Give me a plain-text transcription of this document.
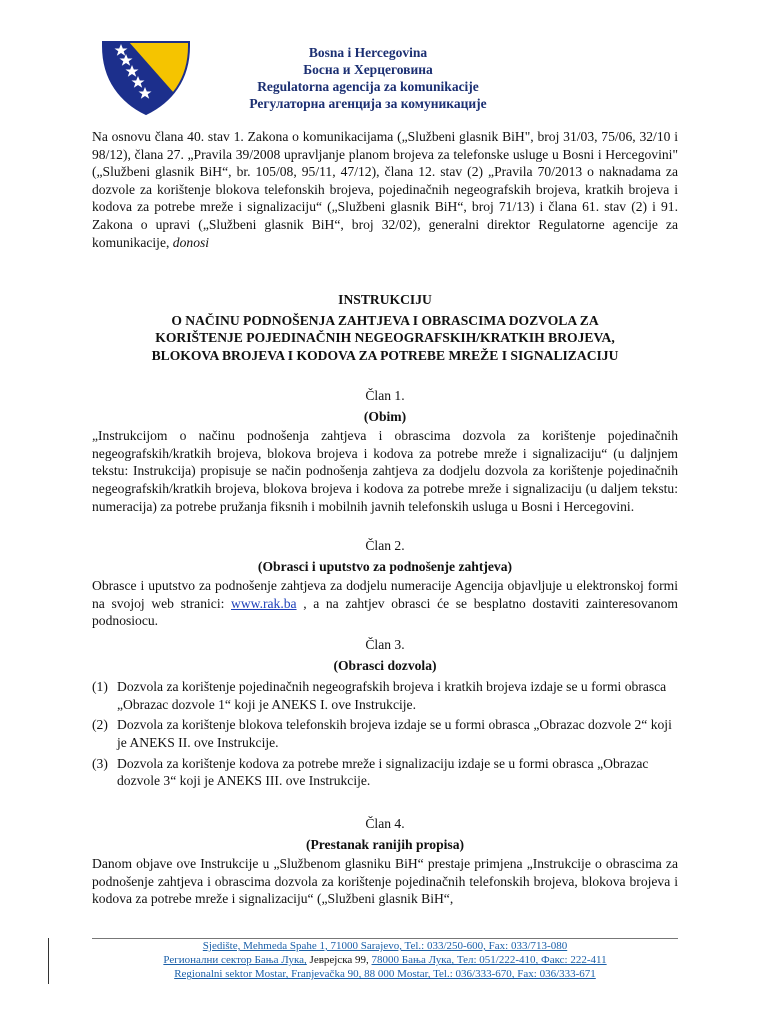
Bosna i Hercegovina
Босна и Херцеговина
Regulatorna agencija za komunikacije
Регулаторна агенција за комуникације
Na osnovu člana 40. stav 1. Zakona o komunikacijama („Službeni glasnik BiH", broj 31/03, 75/06, 32/10 i 98/12), člana 27. „Pravila 39/2008 upravljanje planom brojeva za telefonske usluge u Bosni i Hercegovini" („Službeni glasnik BiH“, br. 105/08, 95/11, 47/12), člana 12. stav (2) „Pravila 70/2013 o naknadama za dozvole za korištenje blokova telefonskih brojeva, pojedinačnih negeografskih brojeva, kratkih brojeva i kodova za potrebe mreže i signalizaciju“ („Službeni glasnik BiH“, broj 71/13) i člana 61. stav (2) i 91. Zakona o upravi („Službeni glasnik BiH“, broj 32/02), generalni direktor Regulatorne agencije za komunikacije, donosi
INSTRUKCIJU
O NAČINU PODNOŠENJA ZAHTJEVA I OBRASCIMA DOZVOLA ZA
KORIŠTENJE POJEDINAČNIH NEGEOGRAFSKIH/KRATKIH BROJEVA,
BLOKOVA BROJEVA I KODOVA ZA POTREBE MREŽE I SIGNALIZACIJU
Član 1.
(Obim)

„Instrukcijom o načinu podnošenja zahtjeva i obrascima dozvola za korištenje pojedinačnih negeografskih/kratkih brojeva, blokova brojeva i kodova za potrebe mreže i signalizaciju“ (u daljnjem tekstu: Instrukcija) propisuje se način podnošenja zahtjeva za dodjelu dozvola za korištenje pojedinačnih negeografskih/kratkih brojeva, blokova brojeva i kodova za potrebe mreže i signalizaciju (u daljem tekstu: numeracija) za potrebe pružanja fiksnih i mobilnih javnih telefonskih usluga u Bosni i Hercegovini.

Član 2.
(Obrasci i uputstvo za podnošenje zahtjeva)

Obrasce i uputstvo za podnošenje zahtjeva za dodjelu numeracije Agencija objavljuje u elektronskoj formi na svojoj web stranici: www.rak.ba , a na zahtjev obrasci će se besplatno dostaviti zainteresovanom podnosiocu.

Član 3.
(Obrasci dozvola)
(1) Dozvola za korištenje pojedinačnih negeografskih brojeva i kratkih brojeva izdaje se u formi obrasca „Obrazac dozvole 1“ koji je ANEKS I. ove Instrukcije.
(2) Dozvola za korištenje blokova telefonskih brojeva izdaje se u formi obrasca „Obrazac dozvole 2“ koji je ANEKS II. ove Instrukcije.
(3) Dozvola za korištenje kodova za potrebe mreže i signalizaciju izdaje se u formi obrasca „Obrazac dozvole 3“ koji je ANEKS III. ove Instrukcije.
Član 4.
(Prestanak ranijih propisa)

Danom objave ove Instrukcije u „Službenom glasniku BiH“ prestaje primjena „Instrukcije o obrascima za podnošenje zahtjeva i obrascima dozvola za korištenje pojedinačnih telefonskih brojeva, blokova brojeva i kodova za potrebe mreže i signalizaciju“ („Službeni glasnik BiH“,

Sjedište, Mehmeda Spahe 1, 71000 Sarajevo, Tel.: 033/250-600, Fax: 033/713-080
Регионални сектор Бања Лука, Јеврејска 99, 78000 Бања Лука, Тел: 051/222-410, Факс: 222-411
Regionalni sektor Mostar, Franjevačka 90, 88 000 Mostar, Tel.: 036/333-670, Fax: 036/333-671
